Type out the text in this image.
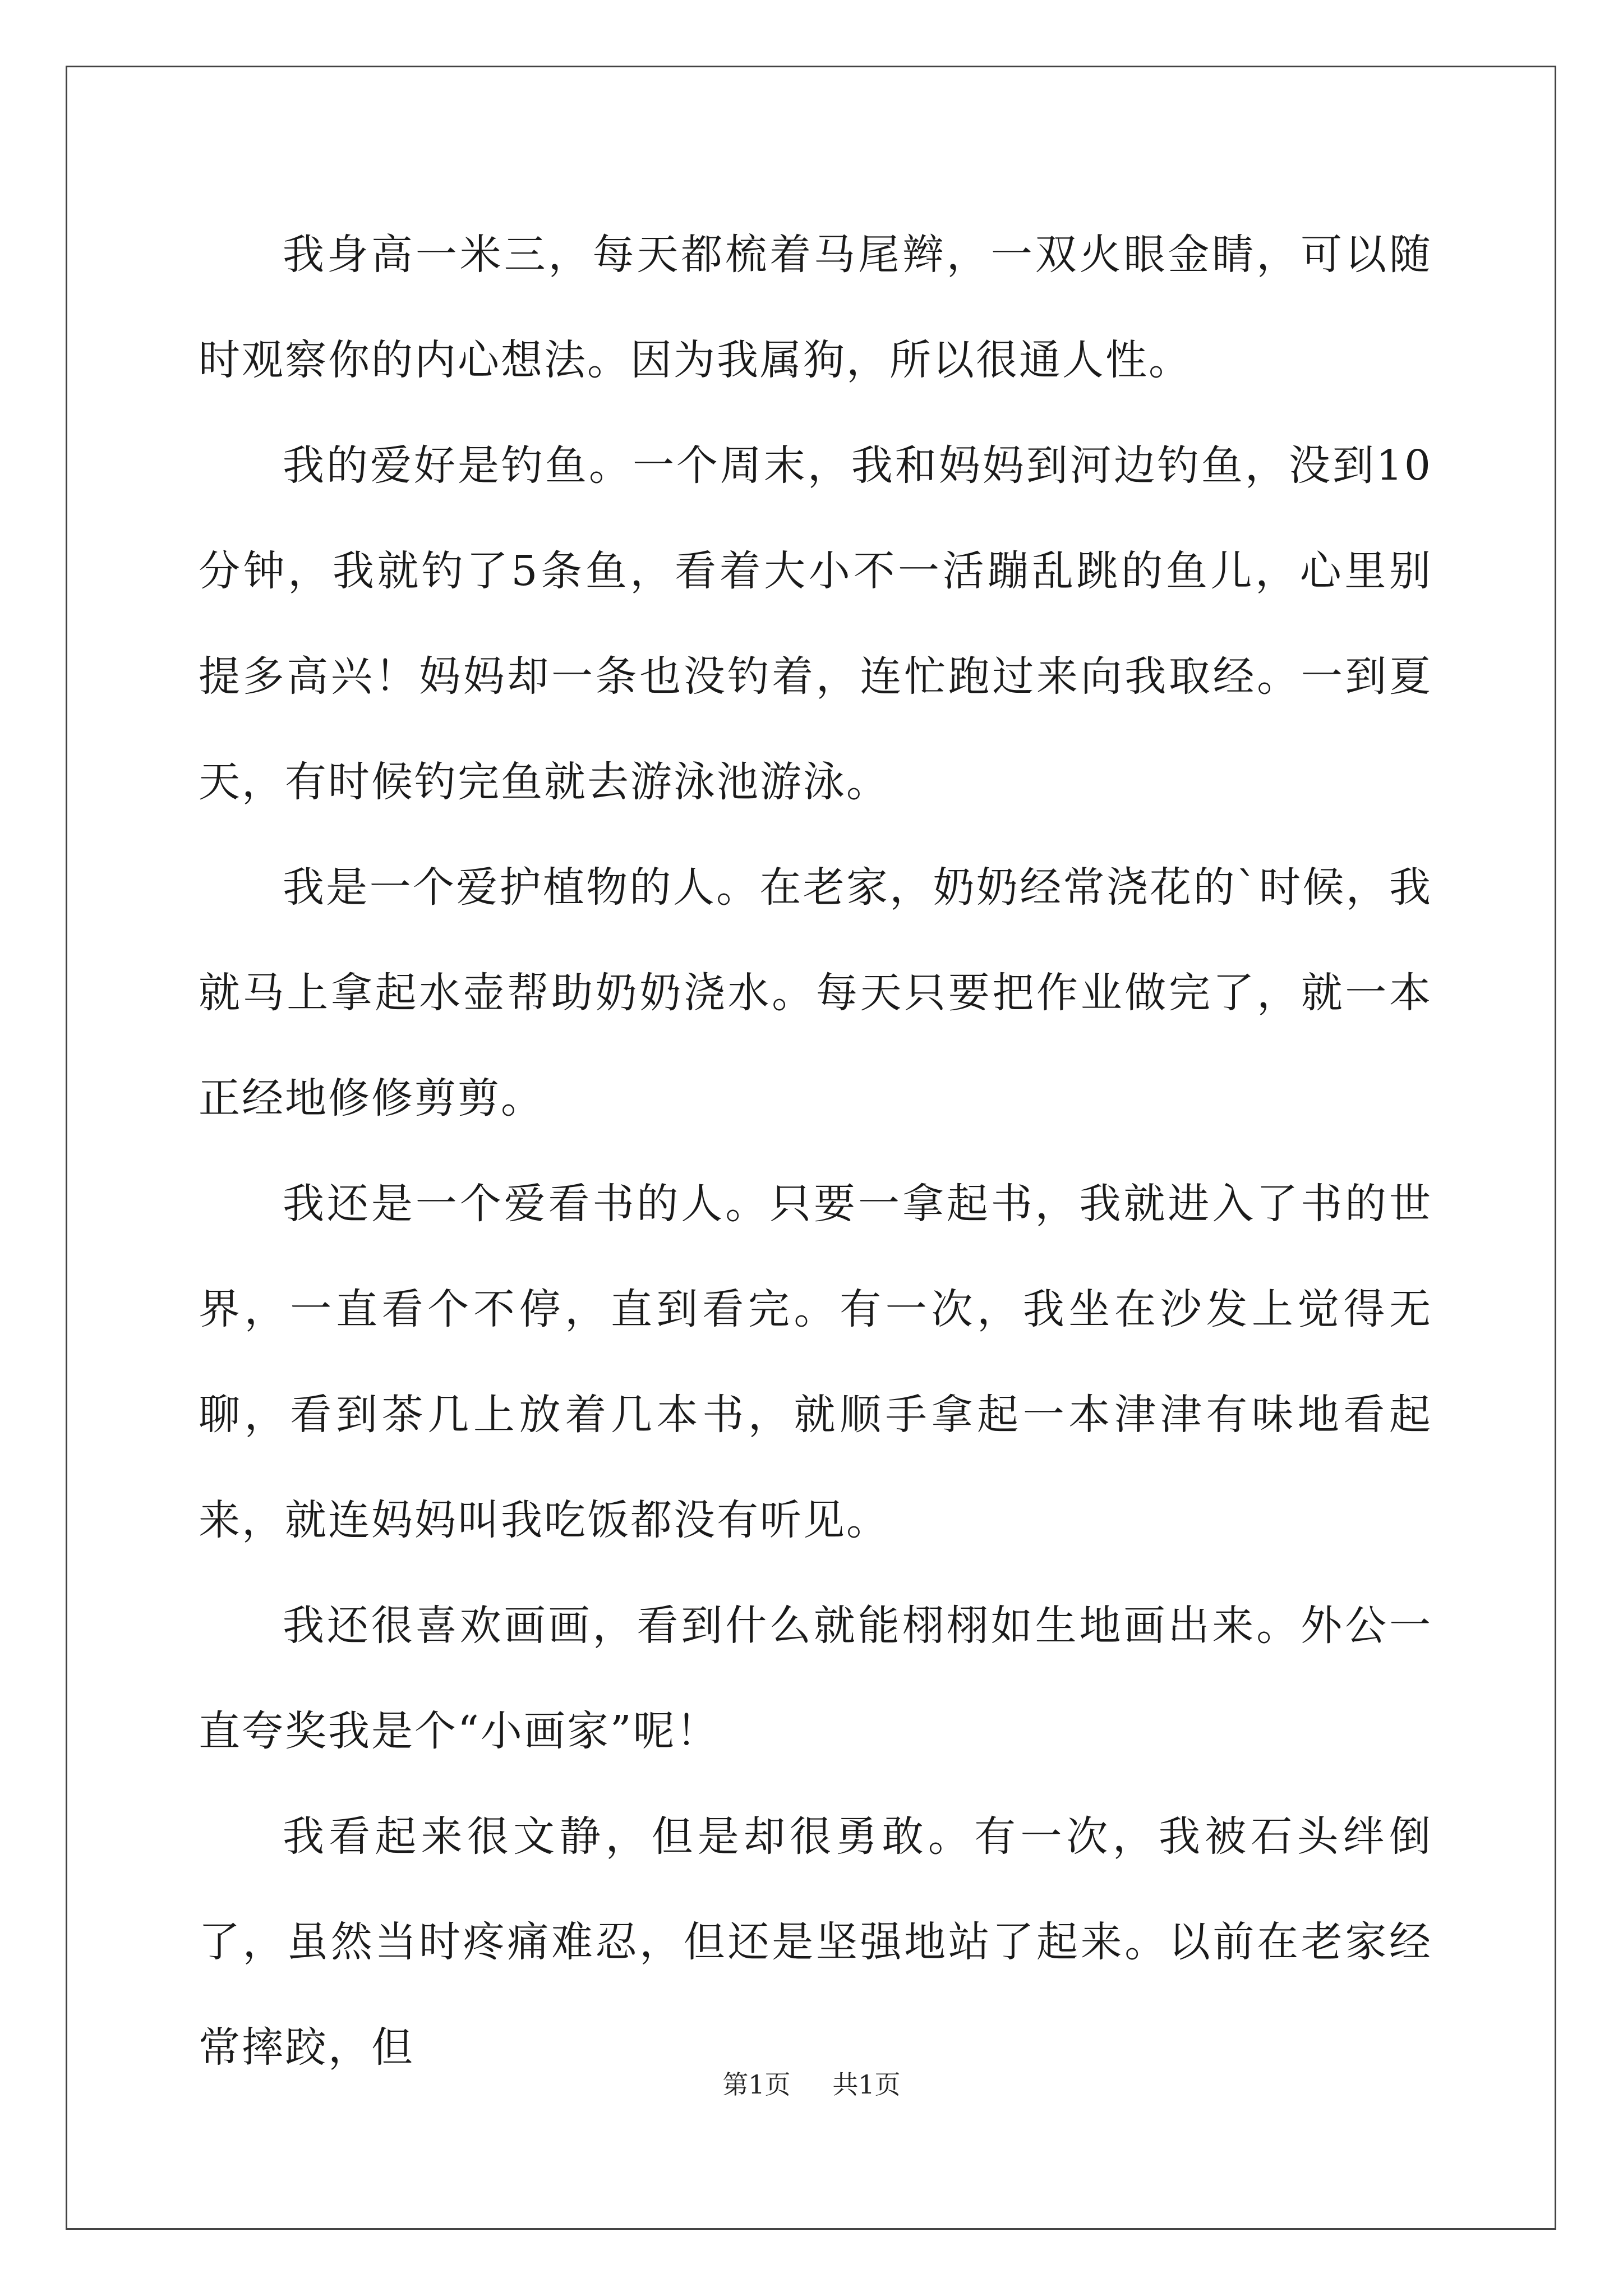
我身高一米三，每天都梳着马尾辫，一双火眼金睛，可以随时观察你的内心想法。因为我属狗，所以很通人性。

我的爱好是钓鱼。一个周末，我和妈妈到河边钓鱼，没到10分钟，我就钓了5条鱼，看着大小不一活蹦乱跳的鱼儿，心里别提多高兴！妈妈却一条也没钓着，连忙跑过来向我取经。一到夏天，有时候钓完鱼就去游泳池游泳。

我是一个爱护植物的人。在老家，奶奶经常浇花的`时候，我就马上拿起水壶帮助奶奶浇水。每天只要把作业做完了，就一本正经地修修剪剪。

我还是一个爱看书的人。只要一拿起书，我就进入了书的世界，一直看个不停，直到看完。有一次，我坐在沙发上觉得无聊，看到茶几上放着几本书，就顺手拿起一本津津有味地看起来，就连妈妈叫我吃饭都没有听见。

我还很喜欢画画，看到什么就能栩栩如生地画出来。外公一直夸奖我是个“小画家”呢！

我看起来很文静，但是却很勇敢。有一次，我被石头绊倒了，虽然当时疼痛难忍，但还是坚强地站了起来。以前在老家经常摔跤，但

第1页 共1页
